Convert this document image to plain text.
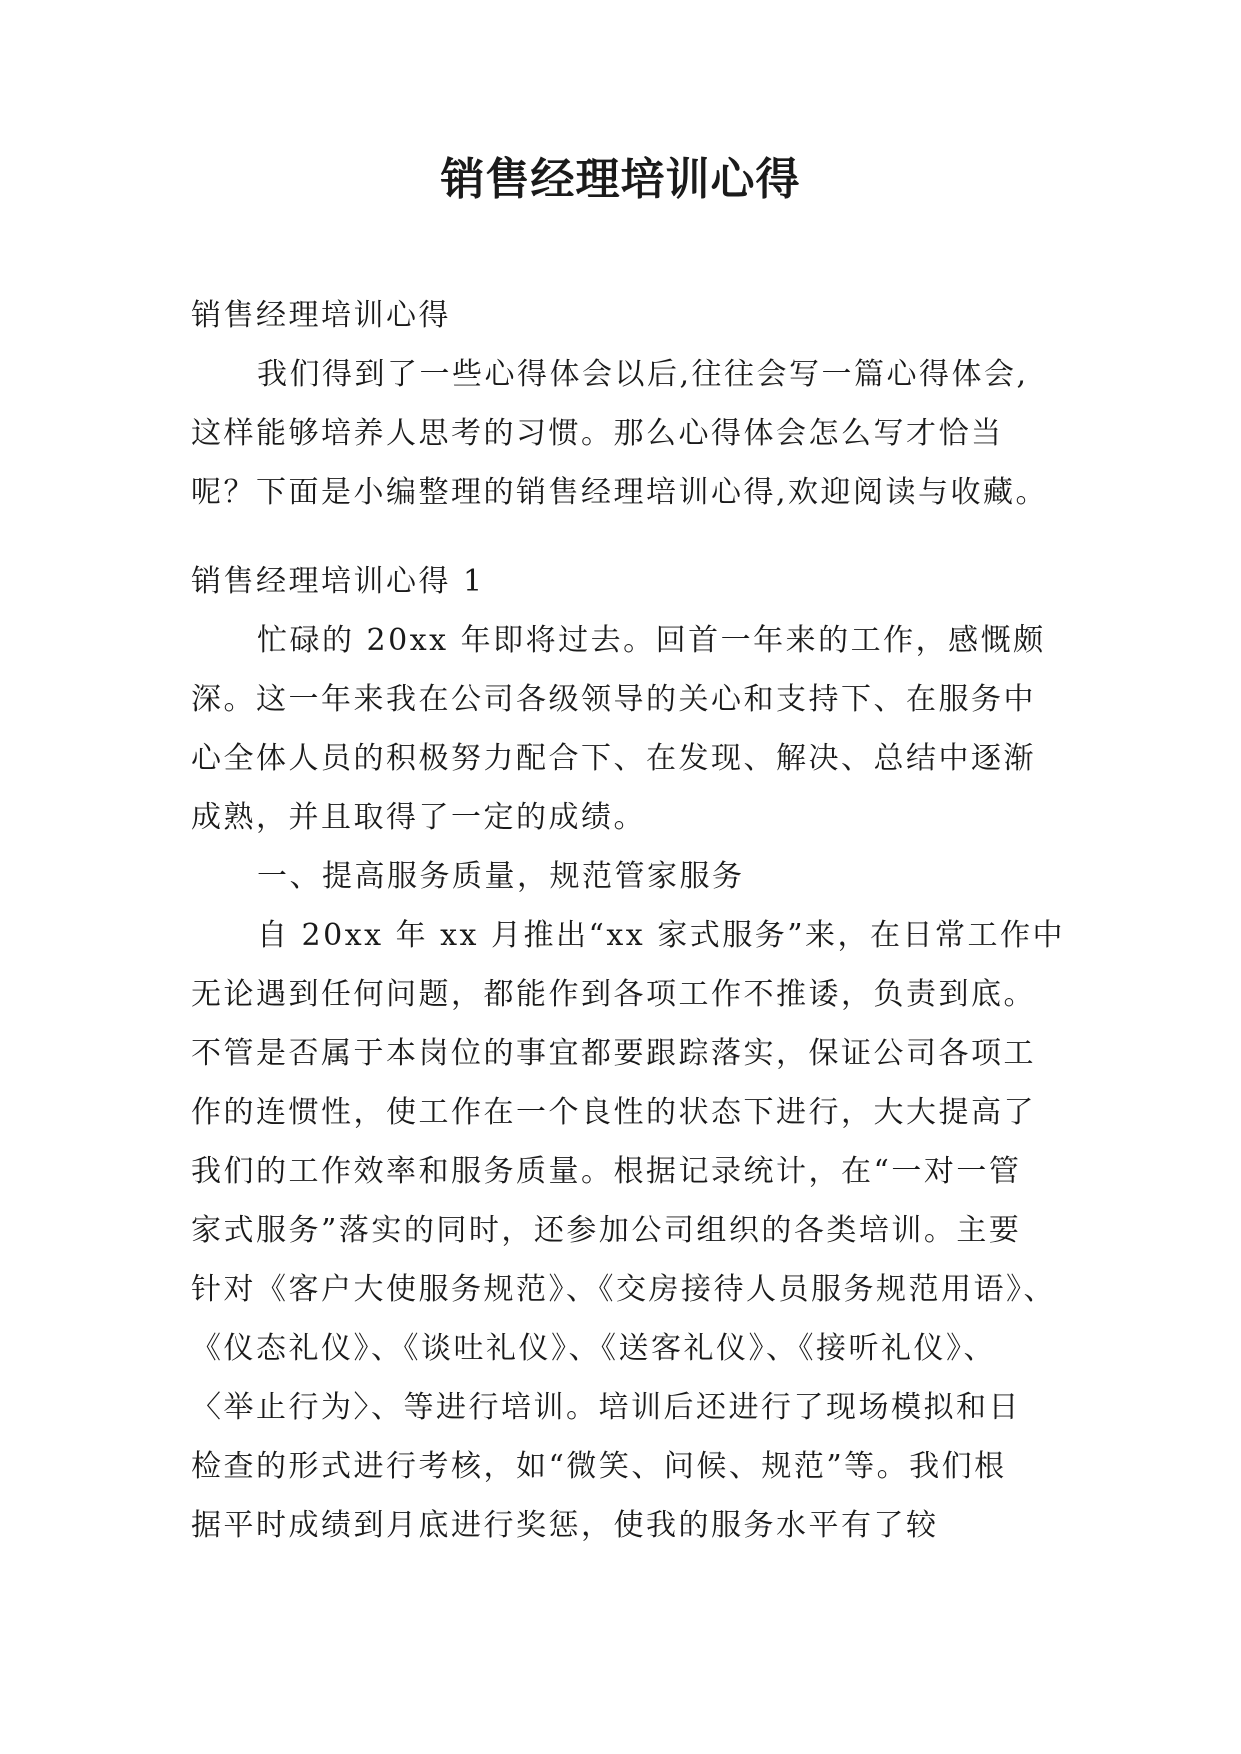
销售经理培训心得
销售经理培训心得
我们得到了一些心得体会以后,往往会写一篇心得体会,
这样能够培养人思考的习惯。那么心得体会怎么写才恰当
呢？下面是小编整理的销售经理培训心得,欢迎阅读与收藏。
销售经理培训心得 1
忙碌的 20xx 年即将过去。回首一年来的工作，感慨颇
深。这一年来我在公司各级领导的关心和支持下、在服务中
心全体人员的积极努力配合下、在发现、解决、总结中逐渐
成熟，并且取得了一定的成绩。
一、提高服务质量，规范管家服务
自 20xx 年 xx 月推出“xx 家式服务”来，在日常工作中
无论遇到任何问题，都能作到各项工作不推诿，负责到底。
不管是否属于本岗位的事宜都要跟踪落实，保证公司各项工
作的连惯性，使工作在一个良性的状态下进行，大大提高了
我们的工作效率和服务质量。根据记录统计，在“一对一管
家式服务”落实的同时，还参加公司组织的各类培训。主要
针对《客户大使服务规范》、《交房接待人员服务规范用语》、
《仪态礼仪》、《谈吐礼仪》、《送客礼仪》、《接听礼仪》、
〈举止行为〉、等进行培训。培训后还进行了现场模拟和日
检查的形式进行考核，如“微笑、问候、规范”等。我们根
据平时成绩到月底进行奖惩，使我的服务水平有了较
